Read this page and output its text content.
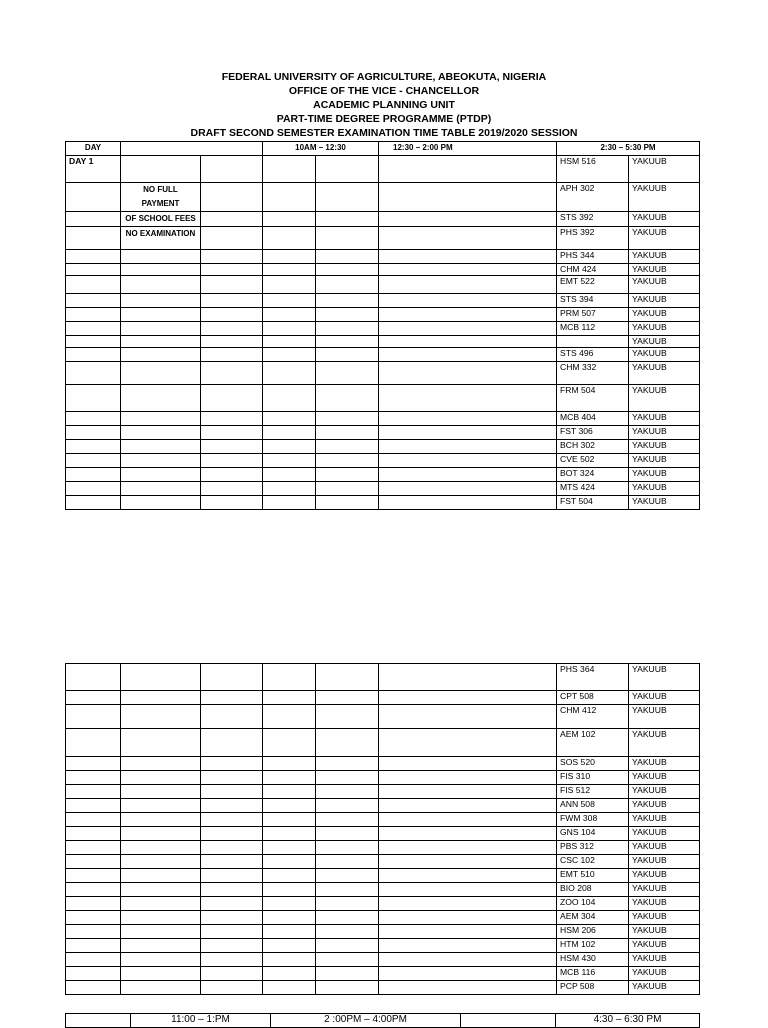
FEDERAL UNIVERSITY OF AGRICULTURE, ABEOKUTA, NIGERIA
OFFICE OF THE VICE - CHANCELLOR
ACADEMIC PLANNING UNIT
PART-TIME DEGREE PROGRAMME (PTDP)
DRAFT SECOND SEMESTER EXAMINATION TIME TABLE 2019/2020 SESSION
DAY			10AM – 12:30		12:30 – 2:00 PM	2:30 – 5:30 PM	
DAY 1						HSM 516	YAKUUB
	NO FULL PAYMENT					APH 302	YAKUUB
	OF SCHOOL FEES					STS 392	YAKUUB
	NO EXAMINATION					PHS 392	YAKUUB
						PHS 344	YAKUUB
						CHM 424	YAKUUB
						EMT 522	YAKUUB
						STS 394	YAKUUB
						PRM 507	YAKUUB
						MCB 112	YAKUUB
							YAKUUB
						STS 496	YAKUUB
						CHM 332	YAKUUB
						FRM 504	YAKUUB
						MCB 404	YAKUUB
						FST 306	YAKUUB
						BCH 302	YAKUUB
						CVE 502	YAKUUB
						BOT 324	YAKUUB
						MTS 424	YAKUUB
						FST 504	YAKUUB
						PHS 364	YAKUUB
						CPT 508	YAKUUB
						CHM 412	YAKUUB
						AEM 102	YAKUUB
						SOS 520	YAKUUB
						FIS 310	YAKUUB
						FIS 512	YAKUUB
						ANN 508	YAKUUB
						FWM 308	YAKUUB
						GNS 104	YAKUUB
						PBS 312	YAKUUB
						CSC 102	YAKUUB
						EMT 510	YAKUUB
						BIO 208	YAKUUB
						ZOO 104	YAKUUB
						AEM 304	YAKUUB
						HSM 206	YAKUUB
						HTM 102	YAKUUB
						HSM 430	YAKUUB
						MCB 116	YAKUUB
						PCP 508	YAKUUB
	11:00 – 1:PM	2 :00PM – 4:00PM		4:30 – 6:30 PM
